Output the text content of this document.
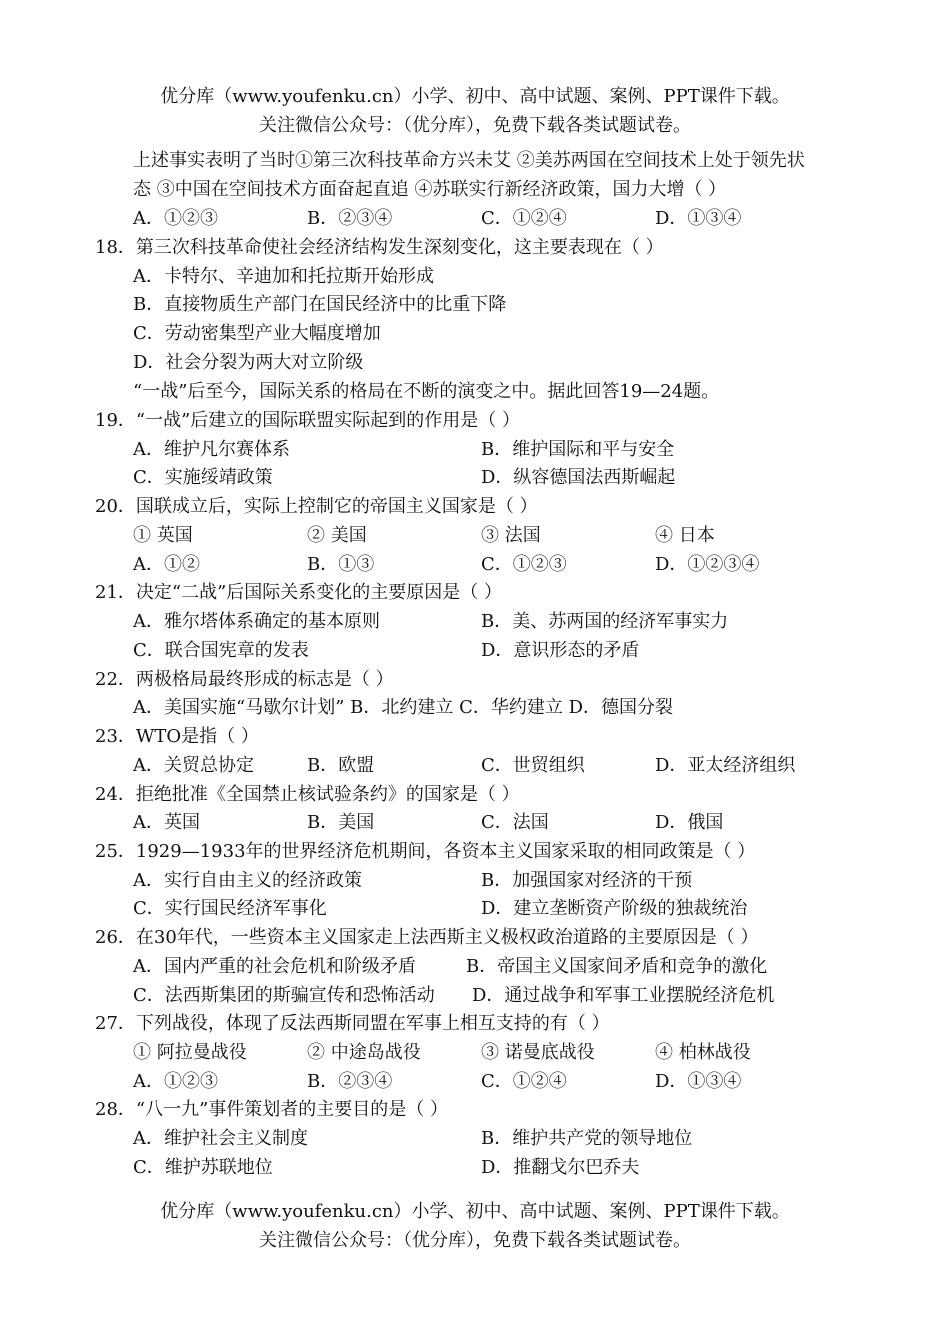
优分库（www.youfenku.cn）小学、初中、高中试题、案例、PPT课件下载。
关注微信公众号：（优分库），免费下载各类试题试卷。
上述事实表明了当时①第三次科技革命方兴未艾 ②美苏两国在空间技术上处于领先状
态 ③中国在空间技术方面奋起直追 ④苏联实行新经济政策，国力大增（ ）
A．①②③	B．②③④	C．①②④	D．①③④
18．第三次科技革命使社会经济结构发生深刻变化，这主要表现在（ ）
A．卡特尔、辛迪加和托拉斯开始形成
B．直接物质生产部门在国民经济中的比重下降
C．劳动密集型产业大幅度增加
D．社会分裂为两大对立阶级
“一战”后至今，国际关系的格局在不断的演变之中。据此回答19—24题。
19．“一战”后建立的国际联盟实际起到的作用是（ ）
A．维护凡尔赛体系	B．维护国际和平与安全
C．实施绥靖政策	D．纵容德国法西斯崛起
20．国联成立后，实际上控制它的帝国主义国家是（ ）
① 英国	② 美国	③ 法国	④ 日本
A．①②	B．①③	C．①②③	D．①②③④
21．决定“二战”后国际关系变化的主要原因是（ ）
A．雅尔塔体系确定的基本原则	B．美、苏两国的经济军事实力
C．联合国宪章的发表	D．意识形态的矛盾
22．两极格局最终形成的标志是（ ）
A．美国实施“马歇尔计划” B．北约建立 C．华约建立 D．德国分裂
23．WTO是指（ ）
A．关贸总协定	B．欧盟	C．世贸组织	D．亚太经济组织
24．拒绝批准《全国禁止核试验条约》的国家是（ ）
A．英国	B．美国	C．法国	D．俄国
25．1929—1933年的世界经济危机期间，各资本主义国家采取的相同政策是（ ）
A．实行自由主义的经济政策	B．加强国家对经济的干预
C．实行国民经济军事化	D．建立垄断资产阶级的独裁统治
26．在30年代，一些资本主义国家走上法西斯主义极权政治道路的主要原因是（ ）
A．国内严重的社会危机和阶级矛盾	B．帝国主义国家间矛盾和竞争的激化
C．法西斯集团的斯骗宣传和恐怖活动 D．通过战争和军事工业摆脱经济危机
27．下列战役，体现了反法西斯同盟在军事上相互支持的有（ ）
① 阿拉曼战役	② 中途岛战役	③ 诺曼底战役	④ 柏林战役
A．①②③	B．②③④	C．①②④	D．①③④
28．“八一九”事件策划者的主要目的是（ ）
A．维护社会主义制度	B．维护共产党的领导地位
C．维护苏联地位	D．推翻戈尔巴乔夫
优分库（www.youfenku.cn）小学、初中、高中试题、案例、PPT课件下载。
关注微信公众号：（优分库），免费下载各类试题试卷。
